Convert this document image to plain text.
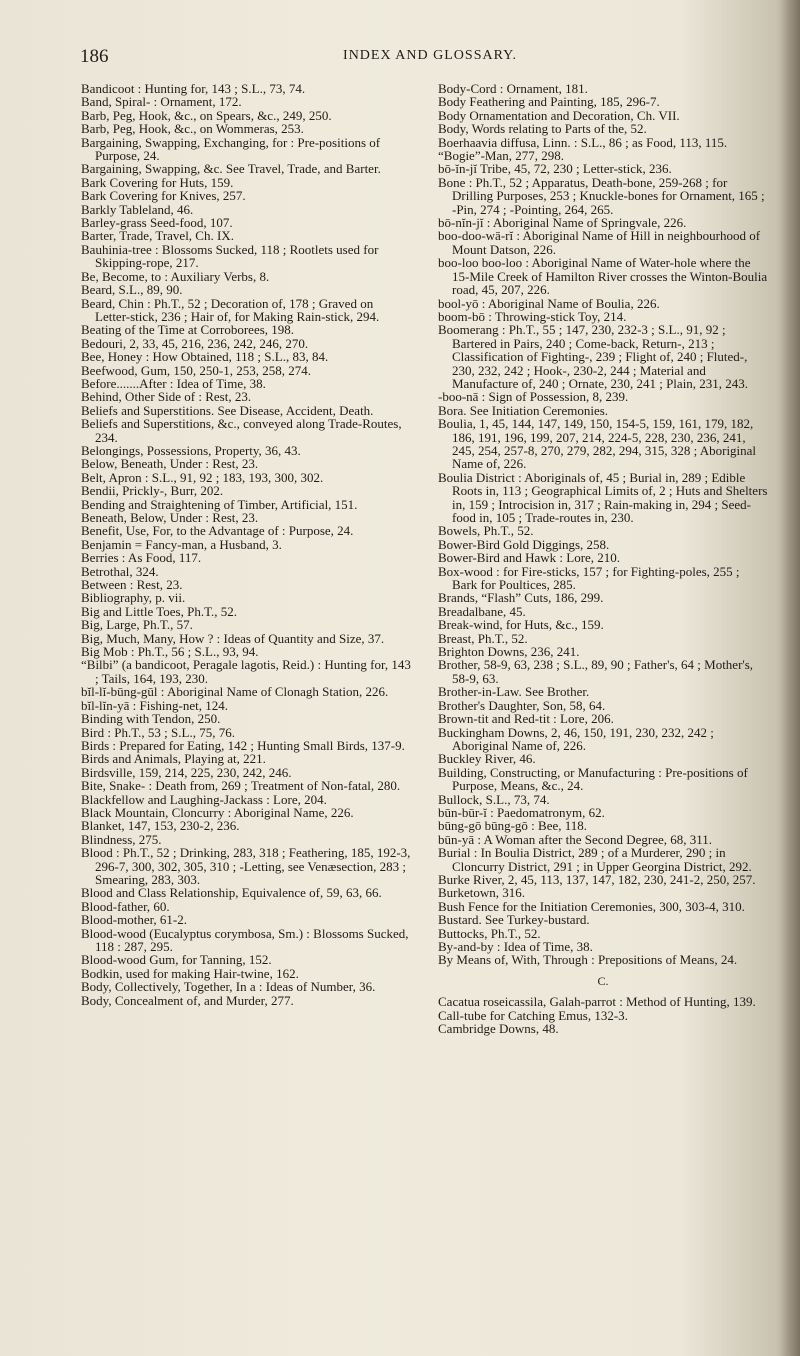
186	INDEX AND GLOSSARY.

Bandicoot : Hunting for, 143 ; S.L., 73, 74.

Band, Spiral- : Ornament, 172.

Barb, Peg, Hook, &c., on Spears, &c., 249, 250.

Barb, Peg, Hook, &c., on Wommeras, 253.

Bargaining, Swapping, Exchanging, for : Pre-positions of Purpose, 24.

Bargaining, Swapping, &c. See Travel, Trade, and Barter.

Bark Covering for Huts, 159.

Bark Covering for Knives, 257.

Barkly Tableland, 46.

Barley-grass Seed-food, 107.

Barter, Trade, Travel, Ch. IX.

Bauhinia-tree : Blossoms Sucked, 118 ; Rootlets used for Skipping-rope, 217.

Be, Become, to : Auxiliary Verbs, 8.

Beard, S.L., 89, 90.

Beard, Chin : Ph.T., 52 ; Decoration of, 178 ; Graved on Letter-stick, 236 ; Hair of, for Making Rain-stick, 294.

Beating of the Time at Corroborees, 198.

Bedouri, 2, 33, 45, 216, 236, 242, 246, 270.

Bee, Honey : How Obtained, 118 ; S.L., 83, 84.

Beefwood, Gum, 150, 250-1, 253, 258, 274.

Before.......After : Idea of Time, 38.

Behind, Other Side of : Rest, 23.

Beliefs and Superstitions. See Disease, Accident, Death.

Beliefs and Superstitions, &c., conveyed along Trade-Routes, 234.

Belongings, Possessions, Property, 36, 43.

Below, Beneath, Under : Rest, 23.

Belt, Apron : S.L., 91, 92 ; 183, 193, 300, 302.

Bendii, Prickly-, Burr, 202.

Bending and Straightening of Timber, Artificial, 151.

Beneath, Below, Under : Rest, 23.

Benefit, Use, For, to the Advantage of : Purpose, 24.

Benjamin = Fancy-man, a Husband, 3.

Berries : As Food, 117.

Betrothal, 324.

Between : Rest, 23.

Bibliography, p. vii.

Big and Little Toes, Ph.T., 52.

Big, Large, Ph.T., 57.

Big, Much, Many, How ? : Ideas of Quantity and Size, 37.

Big Mob : Ph.T., 56 ; S.L., 93, 94.

“Bilbi” (a bandicoot, Peragale lagotis, Reid.) : Hunting for, 143 ; Tails, 164, 193, 230.

bĭl-lĭ-būng-gūl : Aboriginal Name of Clonagh Station, 226.

bĭl-lĭn-yā : Fishing-net, 124.

Binding with Tendon, 250.

Bird : Ph.T., 53 ; S.L., 75, 76.

Birds : Prepared for Eating, 142 ; Hunting Small Birds, 137-9.

Birds and Animals, Playing at, 221.

Birdsville, 159, 214, 225, 230, 242, 246.

Bite, Snake- : Death from, 269 ; Treatment of Non-fatal, 280.

Blackfellow and Laughing-Jackass : Lore, 204.

Black Mountain, Cloncurry : Aboriginal Name, 226.

Blanket, 147, 153, 230-2, 236.

Blindness, 275.

Blood : Ph.T., 52 ; Drinking, 283, 318 ; Feathering, 185, 192-3, 296-7, 300, 302, 305, 310 ; -Letting, see Venæsection, 283 ; Smearing, 283, 303.

Blood and Class Relationship, Equivalence of, 59, 63, 66.

Blood-father, 60.

Blood-mother, 61-2.

Blood-wood (Eucalyptus corymbosa, Sm.) : Blossoms Sucked, 118 : 287, 295.

Blood-wood Gum, for Tanning, 152.

Bodkin, used for making Hair-twine, 162.

Body, Collectively, Together, In a : Ideas of Number, 36.

Body, Concealment of, and Murder, 277.

Body-Cord : Ornament, 181.

Body Feathering and Painting, 185, 296-7.

Body Ornamentation and Decoration, Ch. VII.

Body, Words relating to Parts of the, 52.

Boerhaavia diffusa, Linn. : S.L., 86 ; as Food, 113, 115.

“Bogie”-Man, 277, 298.

bō-ĭn-jĭ Tribe, 45, 72, 230 ; Letter-stick, 236.

Bone : Ph.T., 52 ; Apparatus, Death-bone, 259-268 ; for Drilling Purposes, 253 ; Knuckle-bones for Ornament, 165 ; -Pin, 274 ; -Pointing, 264, 265.

bō-nĭn-jĭ : Aboriginal Name of Springvale, 226.

boo-doo-wā-rĭ : Aboriginal Name of Hill in neighbourhood of Mount Datson, 226.

boo-loo boo-loo : Aboriginal Name of Water-hole where the 15-Mile Creek of Hamilton River crosses the Winton-Boulia road, 45, 207, 226.

bool-yō : Aboriginal Name of Boulia, 226.

boom-bō : Throwing-stick Toy, 214.

Boomerang : Ph.T., 55 ; 147, 230, 232-3 ; S.L., 91, 92 ; Bartered in Pairs, 240 ; Come-back, Return-, 213 ; Classification of Fighting-, 239 ; Flight of, 240 ; Fluted-, 230, 232, 242 ; Hook-, 230-2, 244 ; Material and Manufacture of, 240 ; Ornate, 230, 241 ; Plain, 231, 243.

-boo-nā : Sign of Possession, 8, 239.

Bora. See Initiation Ceremonies.

Boulia, 1, 45, 144, 147, 149, 150, 154-5, 159, 161, 179, 182, 186, 191, 196, 199, 207, 214, 224-5, 228, 230, 236, 241, 245, 254, 257-8, 270, 279, 282, 294, 315, 328 ; Aboriginal Name of, 226.

Boulia District : Aboriginals of, 45 ; Burial in, 289 ; Edible Roots in, 113 ; Geographical Limits of, 2 ; Huts and Shelters in, 159 ; Introcision in, 317 ; Rain-making in, 294 ; Seed-food in, 105 ; Trade-routes in, 230.

Bowels, Ph.T., 52.

Bower-Bird Gold Diggings, 258.

Bower-Bird and Hawk : Lore, 210.

Box-wood : for Fire-sticks, 157 ; for Fighting-poles, 255 ; Bark for Poultices, 285.

Brands, “Flash” Cuts, 186, 299.

Breadalbane, 45.

Break-wind, for Huts, &c., 159.

Breast, Ph.T., 52.

Brighton Downs, 236, 241.

Brother, 58-9, 63, 238 ; S.L., 89, 90 ; Father's, 64 ; Mother's, 58-9, 63.

Brother-in-Law. See Brother.

Brother's Daughter, Son, 58, 64.

Brown-tit and Red-tit : Lore, 206.

Buckingham Downs, 2, 46, 150, 191, 230, 232, 242 ; Aboriginal Name of, 226.

Buckley River, 46.

Building, Constructing, or Manufacturing : Pre-positions of Purpose, Means, &c., 24.

Bullock, S.L., 73, 74.

būn-būr-ĭ : Paedomatronym, 62.

būng-gō būng-gō : Bee, 118.

būn-yā : A Woman after the Second Degree, 68, 311.

Burial : In Boulia District, 289 ; of a Murderer, 290 ; in Cloncurry District, 291 ; in Upper Georgina District, 292.

Burke River, 2, 45, 113, 137, 147, 182, 230, 241-2, 250, 257.

Burketown, 316.

Bush Fence for the Initiation Ceremonies, 300, 303-4, 310.

Bustard. See Turkey-bustard.

Buttocks, Ph.T., 52.

By-and-by : Idea of Time, 38.

By Means of, With, Through : Prepositions of Means, 24.

C.

Cacatua roseicassila, Galah-parrot : Method of Hunting, 139.

Call-tube for Catching Emus, 132-3.

Cambridge Downs, 48.
